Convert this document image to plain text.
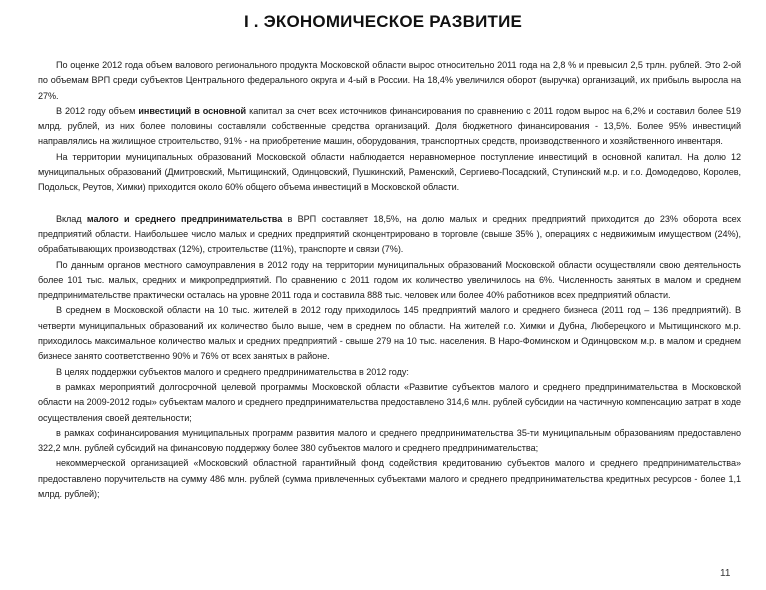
I . ЭКОНОМИЧЕСКОЕ РАЗВИТИЕ

По оценке 2012 года объем валового регионального продукта Московской области вырос относительно 2011 года на 2,8 % и превысил 2,5 трлн. рублей. Это 2-ой по объемам ВРП среди субъектов Центрального федерального округа и 4-ый в России. На 18,4% увеличился оборот (выручка) организаций, их прибыль выросла на 27%.

В 2012 году объем инвестиций в основной капитал за счет всех источников финансирования по сравнению с 2011 годом вырос на 6,2% и составил более 519 млрд. рублей, из них более половины составляли собственные средства организаций. Доля бюджетного финансирования - 13,5%. Более 95% инвестиций направлялись на жилищное строительство, 91% - на приобретение машин, оборудования, транспортных средств, производственного и хозяйственного инвентаря.

На территории муниципальных образований Московской области наблюдается неравномерное поступление инвестиций в основной капитал. На долю 12 муниципальных образований (Дмитровский, Мытищинский, Одинцовский, Пушкинский, Раменский, Сергиево-Посадский, Ступинский м.р. и г.о. Домодедово, Королев, Подольск, Реутов, Химки) приходится около 60% общего объема инвестиций в Московской области.

Вклад малого и среднего предпринимательства в ВРП составляет 18,5%, на долю малых и средних предприятий приходится до 23% оборота всех предприятий области. Наибольшее число малых и средних предприятий сконцентрировано в торговле (свыше 35% ), операциях с недвижимым имуществом (24%), обрабатывающих производствах (12%), строительстве (11%), транспорте и связи (7%).

По данным органов местного самоуправления в 2012 году на территории муниципальных образований Московской области осуществляли свою деятельность более 101 тыс. малых, средних и микропредприятий. По сравнению с 2011 годом их количество увеличилось на 6%. Численность занятых в малом и среднем предпринимательстве практически осталась на уровне 2011 года и составила 888 тыс. человек или более 40% работников всех предприятий области.

В среднем в Московской области на 10 тыс. жителей в 2012 году приходилось 145 предприятий малого и среднего бизнеса (2011 год – 136 предприятий). В четверти муниципальных образований их количество было выше, чем в среднем по области. На жителей г.о. Химки и Дубна, Люберецкого и Мытищинского м.р. приходилось максимальное количество малых и средних предприятий - свыше 279 на 10 тыс. населения. В Наро-Фоминском и Одинцовском м.р. в малом и среднем бизнесе занято соответственно 90% и 76% от всех занятых в районе.

В целях поддержки субъектов малого и среднего предпринимательства в 2012 году:

в рамках мероприятий долгосрочной целевой программы Московской области «Развитие субъектов малого и среднего предпринимательства в Московской области на 2009-2012 годы» субъектам малого и среднего предпринимательства предоставлено 314,6 млн. рублей субсидии на частичную компенсацию затрат в ходе осуществления своей деятельности;

в рамках софинансирования муниципальных программ развития малого и среднего предпринимательства 35-ти муниципальным образованиям предоставлено 322,2 млн. рублей субсидий на финансовую поддержку более 380 субъектов малого и среднего предпринимательства;

некоммерческой организацией «Московский областной гарантийный фонд содействия кредитованию субъектов малого и среднего предпринимательства» предоставлено поручительств на сумму 486 млн. рублей (сумма привлеченных субъектами малого и среднего предпринимательства кредитных ресурсов - более 1,1 млрд. рублей);

11
